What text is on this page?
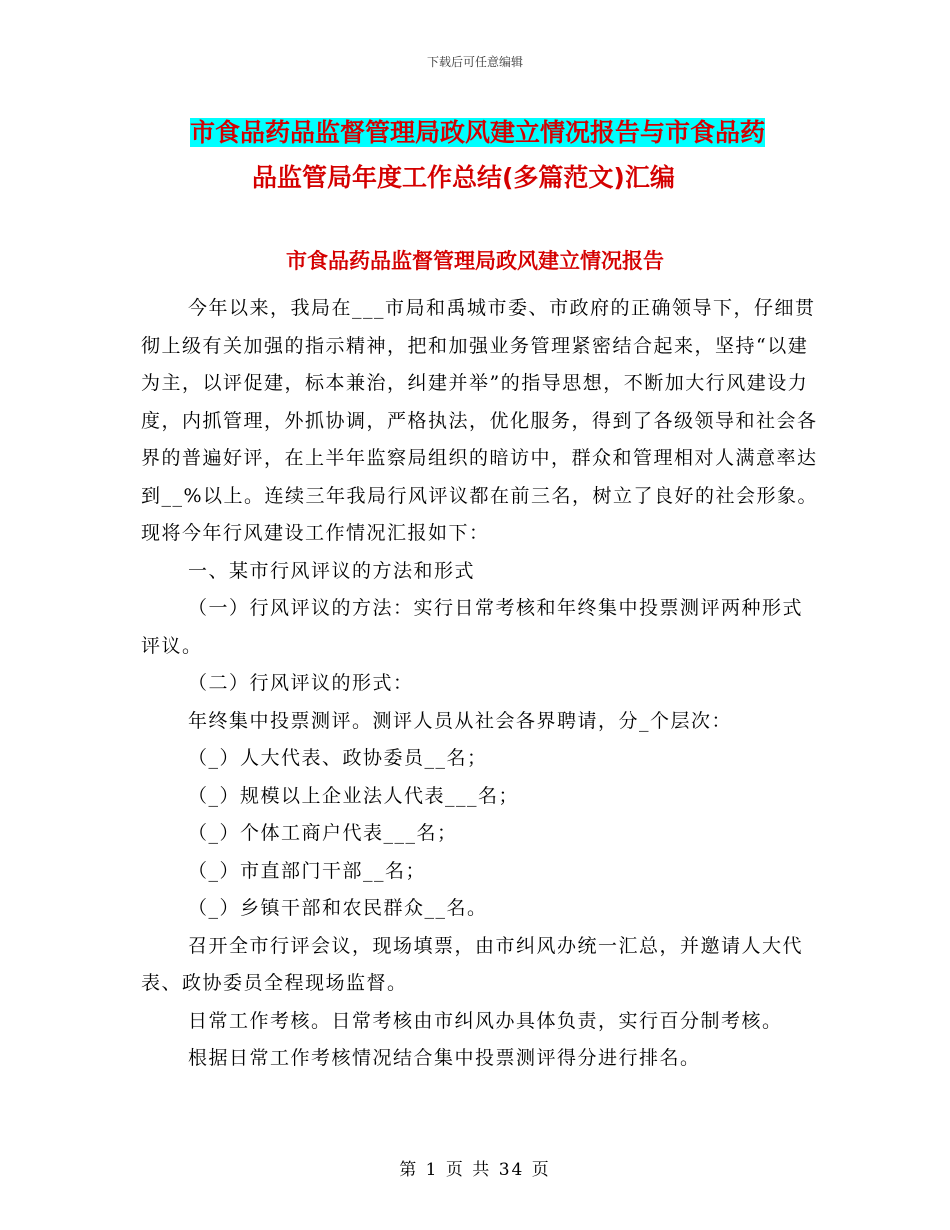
下载后可任意编辑
市食品药品监督管理局政风建立情况报告与市食品药
品监管局年度工作总结(多篇范文)汇编
市食品药品监督管理局政风建立情况报告

今年以来，我局在___市局和禹城市委、市政府的正确领导下，仔细贯彻上级有关加强的指示精神，把和加强业务管理紧密结合起来，坚持“以建为主，以评促建，标本兼治，纠建并举”的指导思想，不断加大行风建设力度，内抓管理，外抓协调，严格执法，优化服务，得到了各级领导和社会各界的普遍好评，在上半年监察局组织的暗访中，群众和管理相对人满意率达到__%以上。连续三年我局行风评议都在前三名，树立了良好的社会形象。现将今年行风建设工作情况汇报如下：

一、某市行风评议的方法和形式

（一）行风评议的方法：实行日常考核和年终集中投票测评两种形式评议。

（二）行风评议的形式：

年终集中投票测评。测评人员从社会各界聘请，分_个层次：

（_）人大代表、政协委员__名；

（_）规模以上企业法人代表___名；

（_）个体工商户代表___名；

（_）市直部门干部__名；

（_）乡镇干部和农民群众__名。

召开全市行评会议，现场填票，由市纠风办统一汇总，并邀请人大代表、政协委员全程现场监督。

日常工作考核。日常考核由市纠风办具体负责，实行百分制考核。

根据日常工作考核情况结合集中投票测评得分进行排名。

第 1 页 共 34 页
